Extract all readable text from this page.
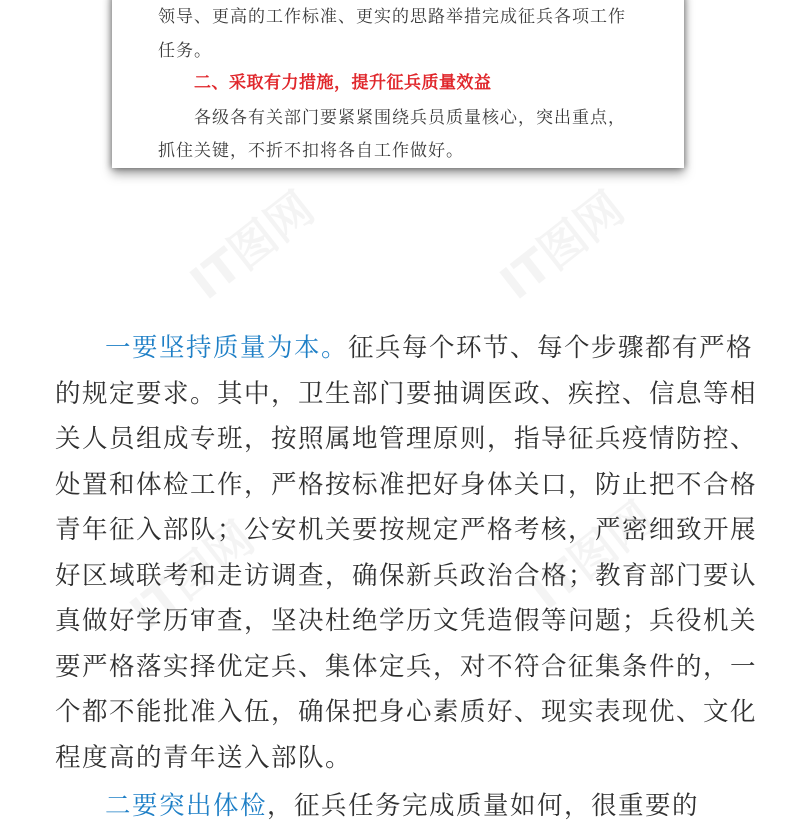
领导、更高的工作标准、更实的思路举措完成征兵各项工作
任务。
二、采取有力措施，提升征兵质量效益
各级各有关部门要紧紧围绕兵员质量核心，突出重点，
抓住关键，不折不扣将各自工作做好。
一要坚持质量为本。征兵每个环节、每个步骤都有严格
的规定要求。其中，卫生部门要抽调医政、疾控、信息等相
关人员组成专班，按照属地管理原则，指导征兵疫情防控、
处置和体检工作，严格按标准把好身体关口，防止把不合格
青年征入部队；公安机关要按规定严格考核，严密细致开展
好区域联考和走访调查，确保新兵政治合格；教育部门要认
真做好学历审查，坚决杜绝学历文凭造假等问题；兵役机关
要严格落实择优定兵、集体定兵，对不符合征集条件的，一
个都不能批准入伍，确保把身心素质好、现实表现优、文化
程度高的青年送入部队。
二要突出体检，征兵任务完成质量如何，很重要的
